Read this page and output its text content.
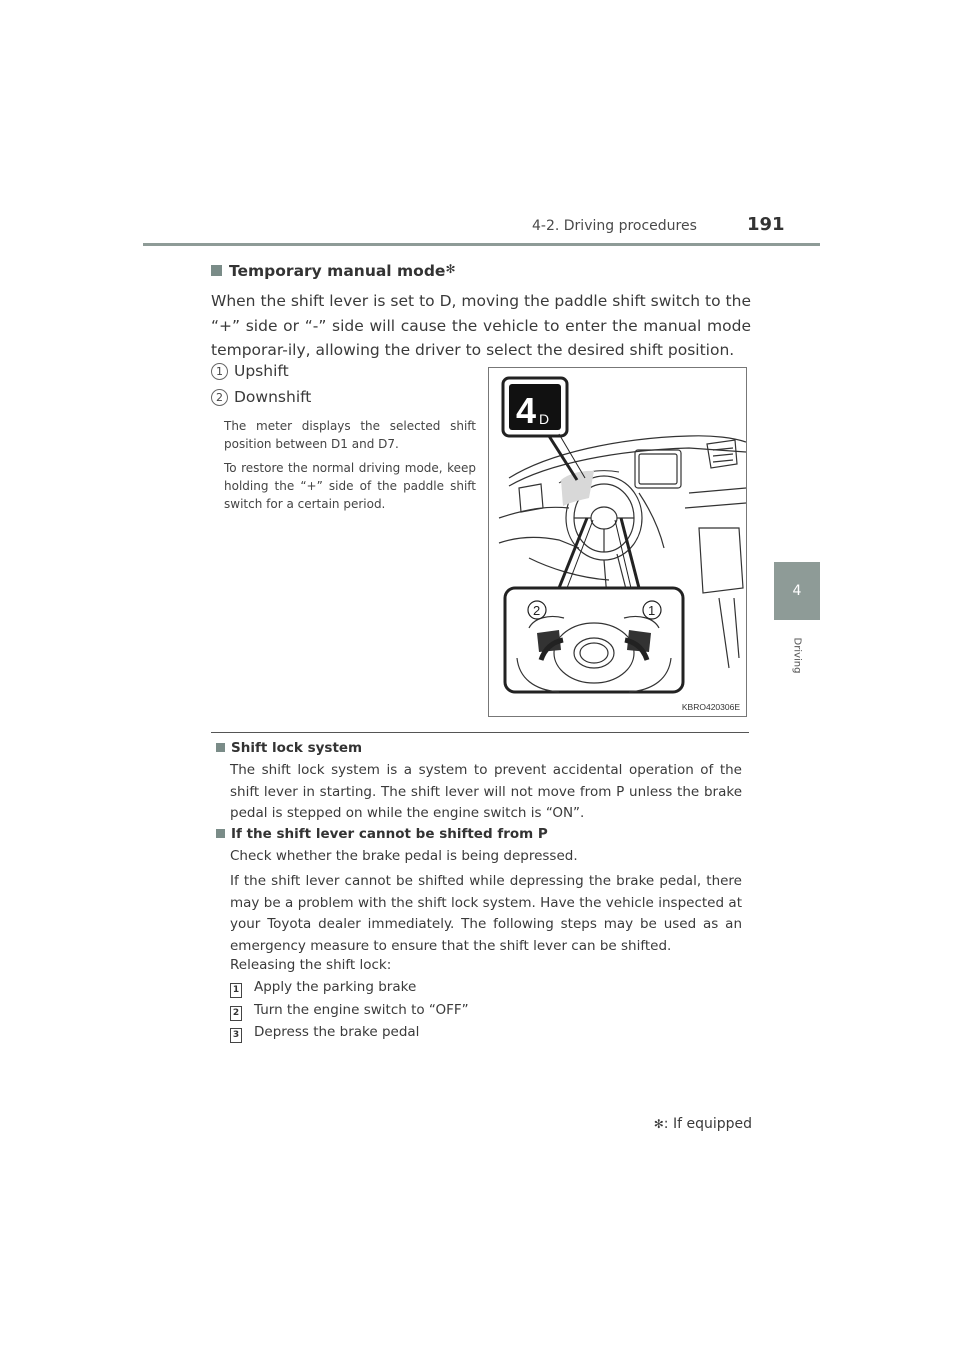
4-2. Driving procedures	191
4
Driving
Temporary manual mode✻
When the shift lever is set to D, moving the paddle shift switch to the “+” side or “-” side will cause the vehicle to enter the manual mode temporar-ily, allowing the driver to select the desired shift position.
1 Upshift
2 Downshift
The meter displays the selected shift position between D1 and D7.
To restore the normal driving mode, keep holding the “+” side of the paddle shift switch for a certain period.
4 D
2	1
KBRO420306E
Shift lock system
The shift lock system is a system to prevent accidental operation of the shift lever in starting. The shift lever will not move from P unless the brake pedal is stepped on while the engine switch is “ON”.
If the shift lever cannot be shifted from P
Check whether the brake pedal is being depressed.
If the shift lever cannot be shifted while depressing the brake pedal, there may be a problem with the shift lock system. Have the vehicle inspected at your Toyota dealer immediately. The following steps may be used as an emergency measure to ensure that the shift lever can be shifted.
Releasing the shift lock:
1 Apply the parking brake
2 Turn the engine switch to “OFF”
3 Depress the brake pedal
✻: If equipped
